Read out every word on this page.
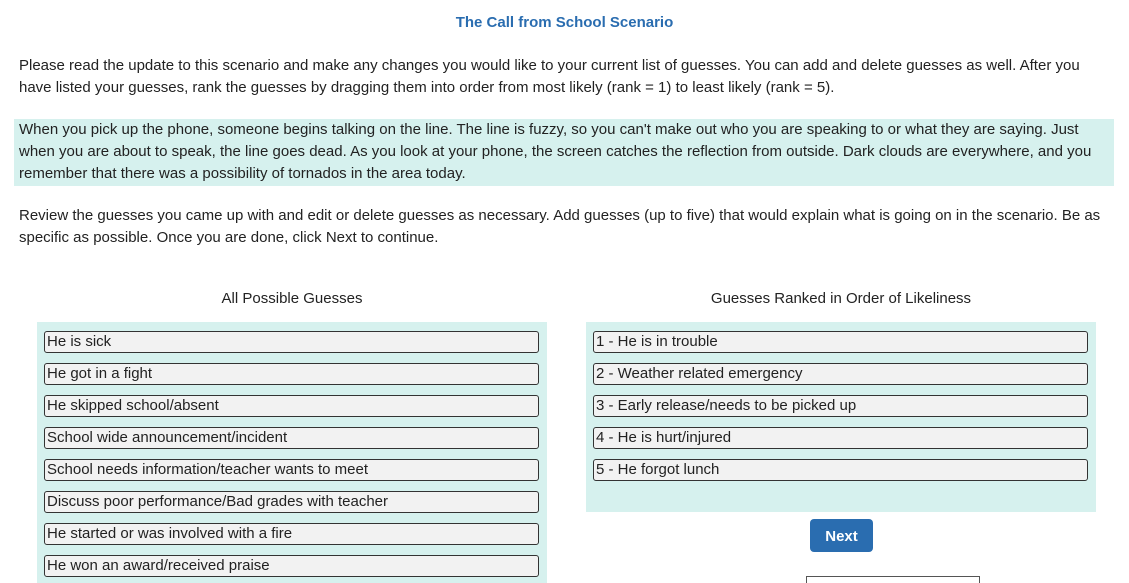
The Call from School Scenario
Please read the update to this scenario and make any changes you would like to your current list of guesses. You can add and delete guesses as well. After you have listed your guesses, rank the guesses by dragging them into order from most likely (rank = 1) to least likely (rank = 5).
When you pick up the phone, someone begins talking on the line. The line is fuzzy, so you can't make out who you are speaking to or what they are saying. Just when you are about to speak, the line goes dead. As you look at your phone, the screen catches the reflection from outside. Dark clouds are everywhere, and you remember that there was a possibility of tornados in the area today.
Review the guesses you came up with and edit or delete guesses as necessary. Add guesses (up to five) that would explain what is going on in the scenario. Be as specific as possible. Once you are done, click Next to continue.
All Possible Guesses	Guesses Ranked in Order of Likeliness
He is sick
He got in a fight
He skipped school/absent
School wide announcement/incident
School needs information/teacher wants to meet
Discuss poor performance/Bad grades with teacher
He started or was involved with a fire
He won an award/received praise
1 - He is in trouble
2 - Weather related emergency
3 - Early release/needs to be picked up
4 - He is hurt/injured
5 - He forgot lunch
Next
